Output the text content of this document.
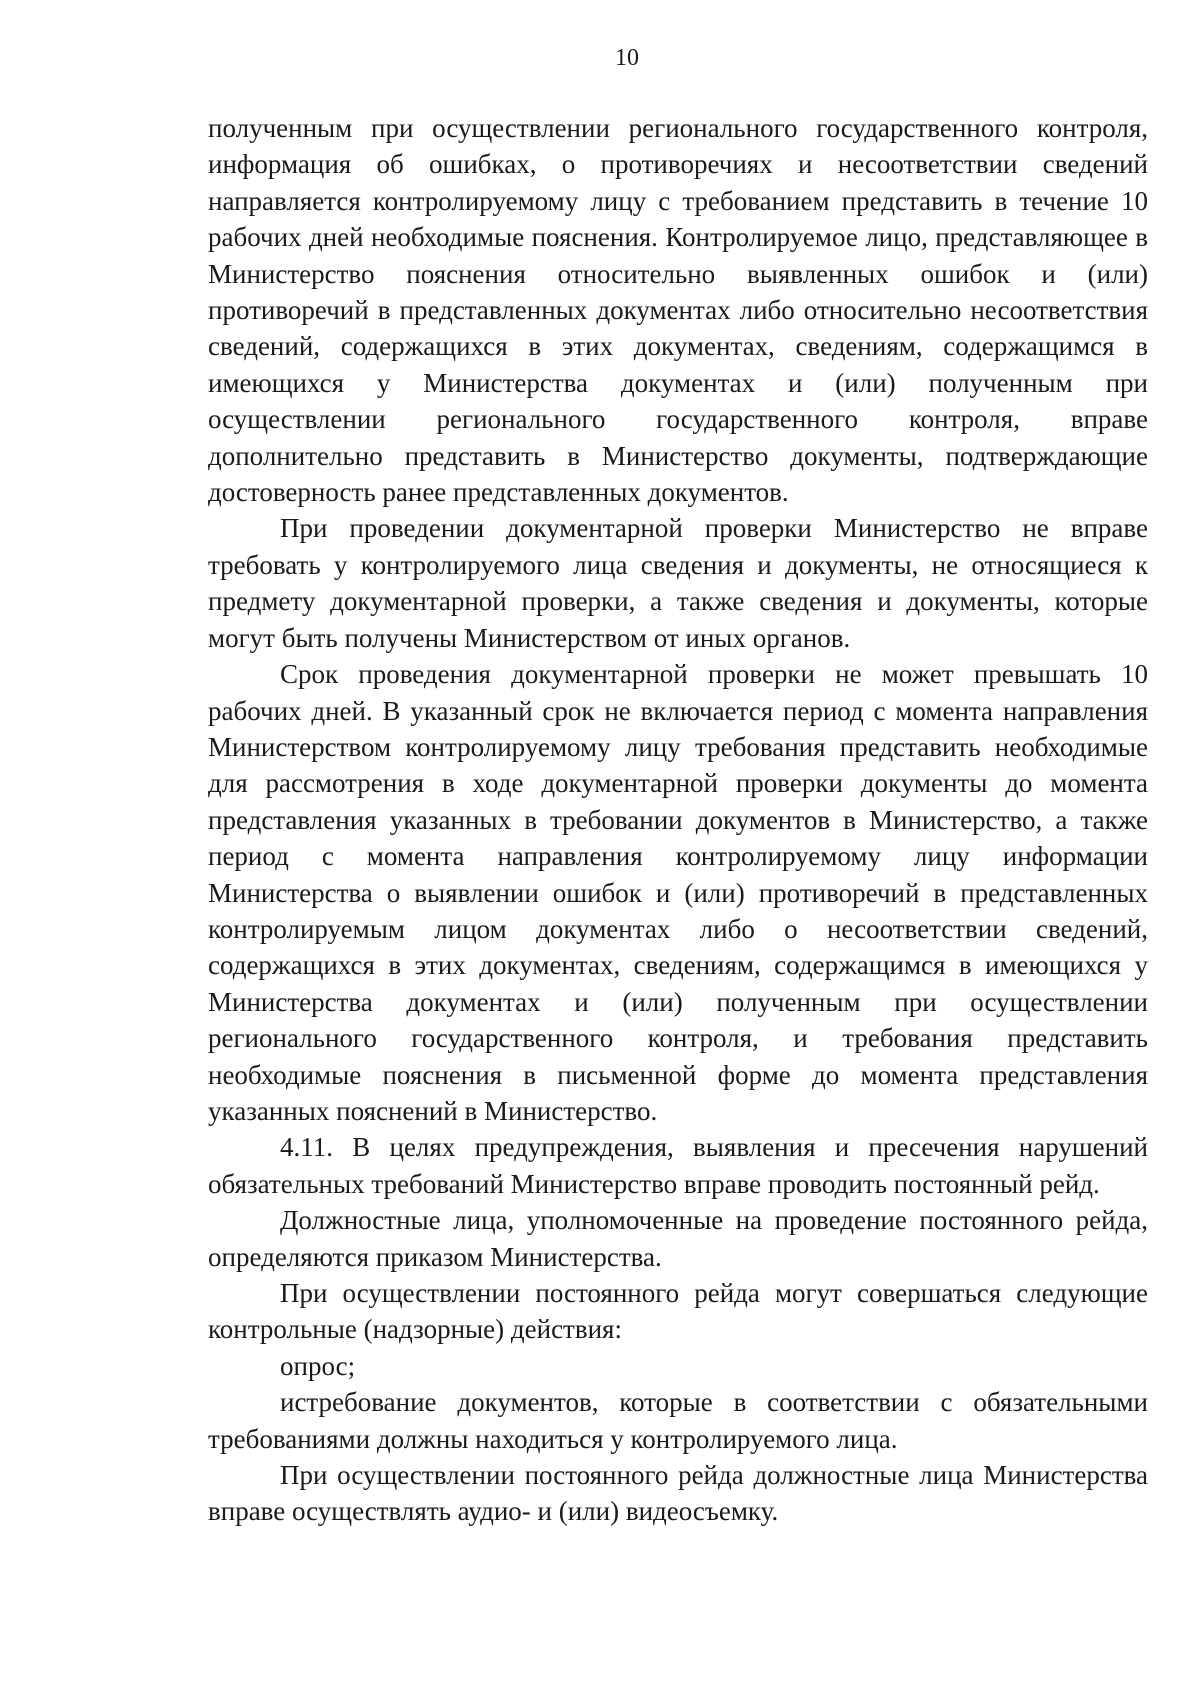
10

полученным при осуществлении регионального государственного контроля, информация об ошибках, о противоречиях и несоответствии сведений направляется контролируемому лицу с требованием представить в течение 10 рабочих дней необходимые пояснения. Контролируемое лицо, представляющее в Министерство пояснения относительно выявленных ошибок и (или) противоречий в представленных документах либо относительно несоответствия сведений, содержащихся в этих документах, сведениям, содержащимся в имеющихся у Министерства документах и (или) полученным при осуществлении регионального государственного контроля, вправе дополнительно представить в Министерство документы, подтверждающие достоверность ранее представленных документов.

При проведении документарной проверки Министерство не вправе требовать у контролируемого лица сведения и документы, не относящиеся к предмету документарной проверки, а также сведения и документы, которые могут быть получены Министерством от иных органов.

Срок проведения документарной проверки не может превышать 10 рабочих дней. В указанный срок не включается период с момента направления Министерством контролируемому лицу требования представить необходимые для рассмотрения в ходе документарной проверки документы до момента представления указанных в требовании документов в Министерство, а также период с момента направления контролируемому лицу информации Министерства о выявлении ошибок и (или) противоречий в представленных контролируемым лицом документах либо о несоответствии сведений, содержащихся в этих документах, сведениям, содержащимся в имеющихся у Министерства документах и (или) полученным при осуществлении регионального государственного контроля, и требования представить необходимые пояснения в письменной форме до момента представления указанных пояснений в Министерство.

4.11. В целях предупреждения, выявления и пресечения нарушений обязательных требований Министерство вправе проводить постоянный рейд.

Должностные лица, уполномоченные на проведение постоянного рейда, определяются приказом Министерства.

При осуществлении постоянного рейда могут совершаться следующие контрольные (надзорные) действия:

опрос;

истребование документов, которые в соответствии с обязательными требованиями должны находиться у контролируемого лица.

При осуществлении постоянного рейда должностные лица Министерства вправе осуществлять аудио- и (или) видеосъемку.
